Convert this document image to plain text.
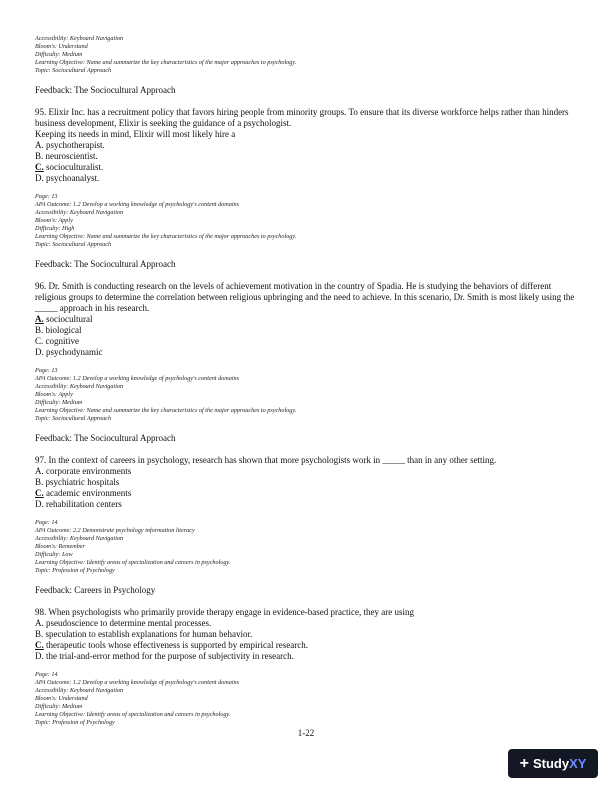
Accessibility: Keyboard Navigation
Bloom's: Understand
Difficulty: Medium
Learning Objective: Name and summarize the key characteristics of the major approaches to psychology.
Topic: Sociocultural Approach
Feedback: The Sociocultural Approach
95. Elixir Inc. has a recruitment policy that favors hiring people from minority groups. To ensure that its diverse workforce helps rather than hinders business development, Elixir is seeking the guidance of a psychologist.
Keeping its needs in mind, Elixir will most likely hire a
A. psychotherapist.
B. neuroscientist.
C. socioculturalist.
D. psychoanalyst.
Page: 13
APA Outcome: 1.2 Develop a working knowledge of psychology's content domains
Accessibility: Keyboard Navigation
Bloom's: Apply
Difficulty: High
Learning Objective: Name and summarize the key characteristics of the major approaches to psychology.
Topic: Sociocultural Approach
Feedback: The Sociocultural Approach
96. Dr. Smith is conducting research on the levels of achievement motivation in the country of Spadia. He is studying the behaviors of different religious groups to determine the correlation between religious upbringing and the need to achieve. In this scenario, Dr. Smith is most likely using the _____ approach in his research.
A. sociocultural
B. biological
C. cognitive
D. psychodynamic
Page: 13
APA Outcome: 1.2 Develop a working knowledge of psychology's content domains
Accessibility: Keyboard Navigation
Bloom's: Apply
Difficulty: Medium
Learning Objective: Name and summarize the key characteristics of the major approaches to psychology.
Topic: Sociocultural Approach
Feedback: The Sociocultural Approach
97. In the context of careers in psychology, research has shown that more psychologists work in _____ than in any other setting.
A. corporate environments
B. psychiatric hospitals
C. academic environments
D. rehabilitation centers
Page: 14
APA Outcome: 2.2 Demonstrate psychology information literacy
Accessibility: Keyboard Navigation
Bloom's: Remember
Difficulty: Low
Learning Objective: Identify areas of specialization and careers in psychology.
Topic: Profession of Psychology
Feedback: Careers in Psychology
98. When psychologists who primarily provide therapy engage in evidence-based practice, they are using
A. pseudoscience to determine mental processes.
B. speculation to establish explanations for human behavior.
C. therapeutic tools whose effectiveness is supported by empirical research.
D. the trial-and-error method for the purpose of subjectivity in research.
Page: 14
APA Outcome: 1.2 Develop a working knowledge of psychology's content domains
Accessibility: Keyboard Navigation
Bloom's: Understand
Difficulty: Medium
Learning Objective: Identify areas of specialization and careers in psychology.
Topic: Profession of Psychology
1-22
+ Study XY
